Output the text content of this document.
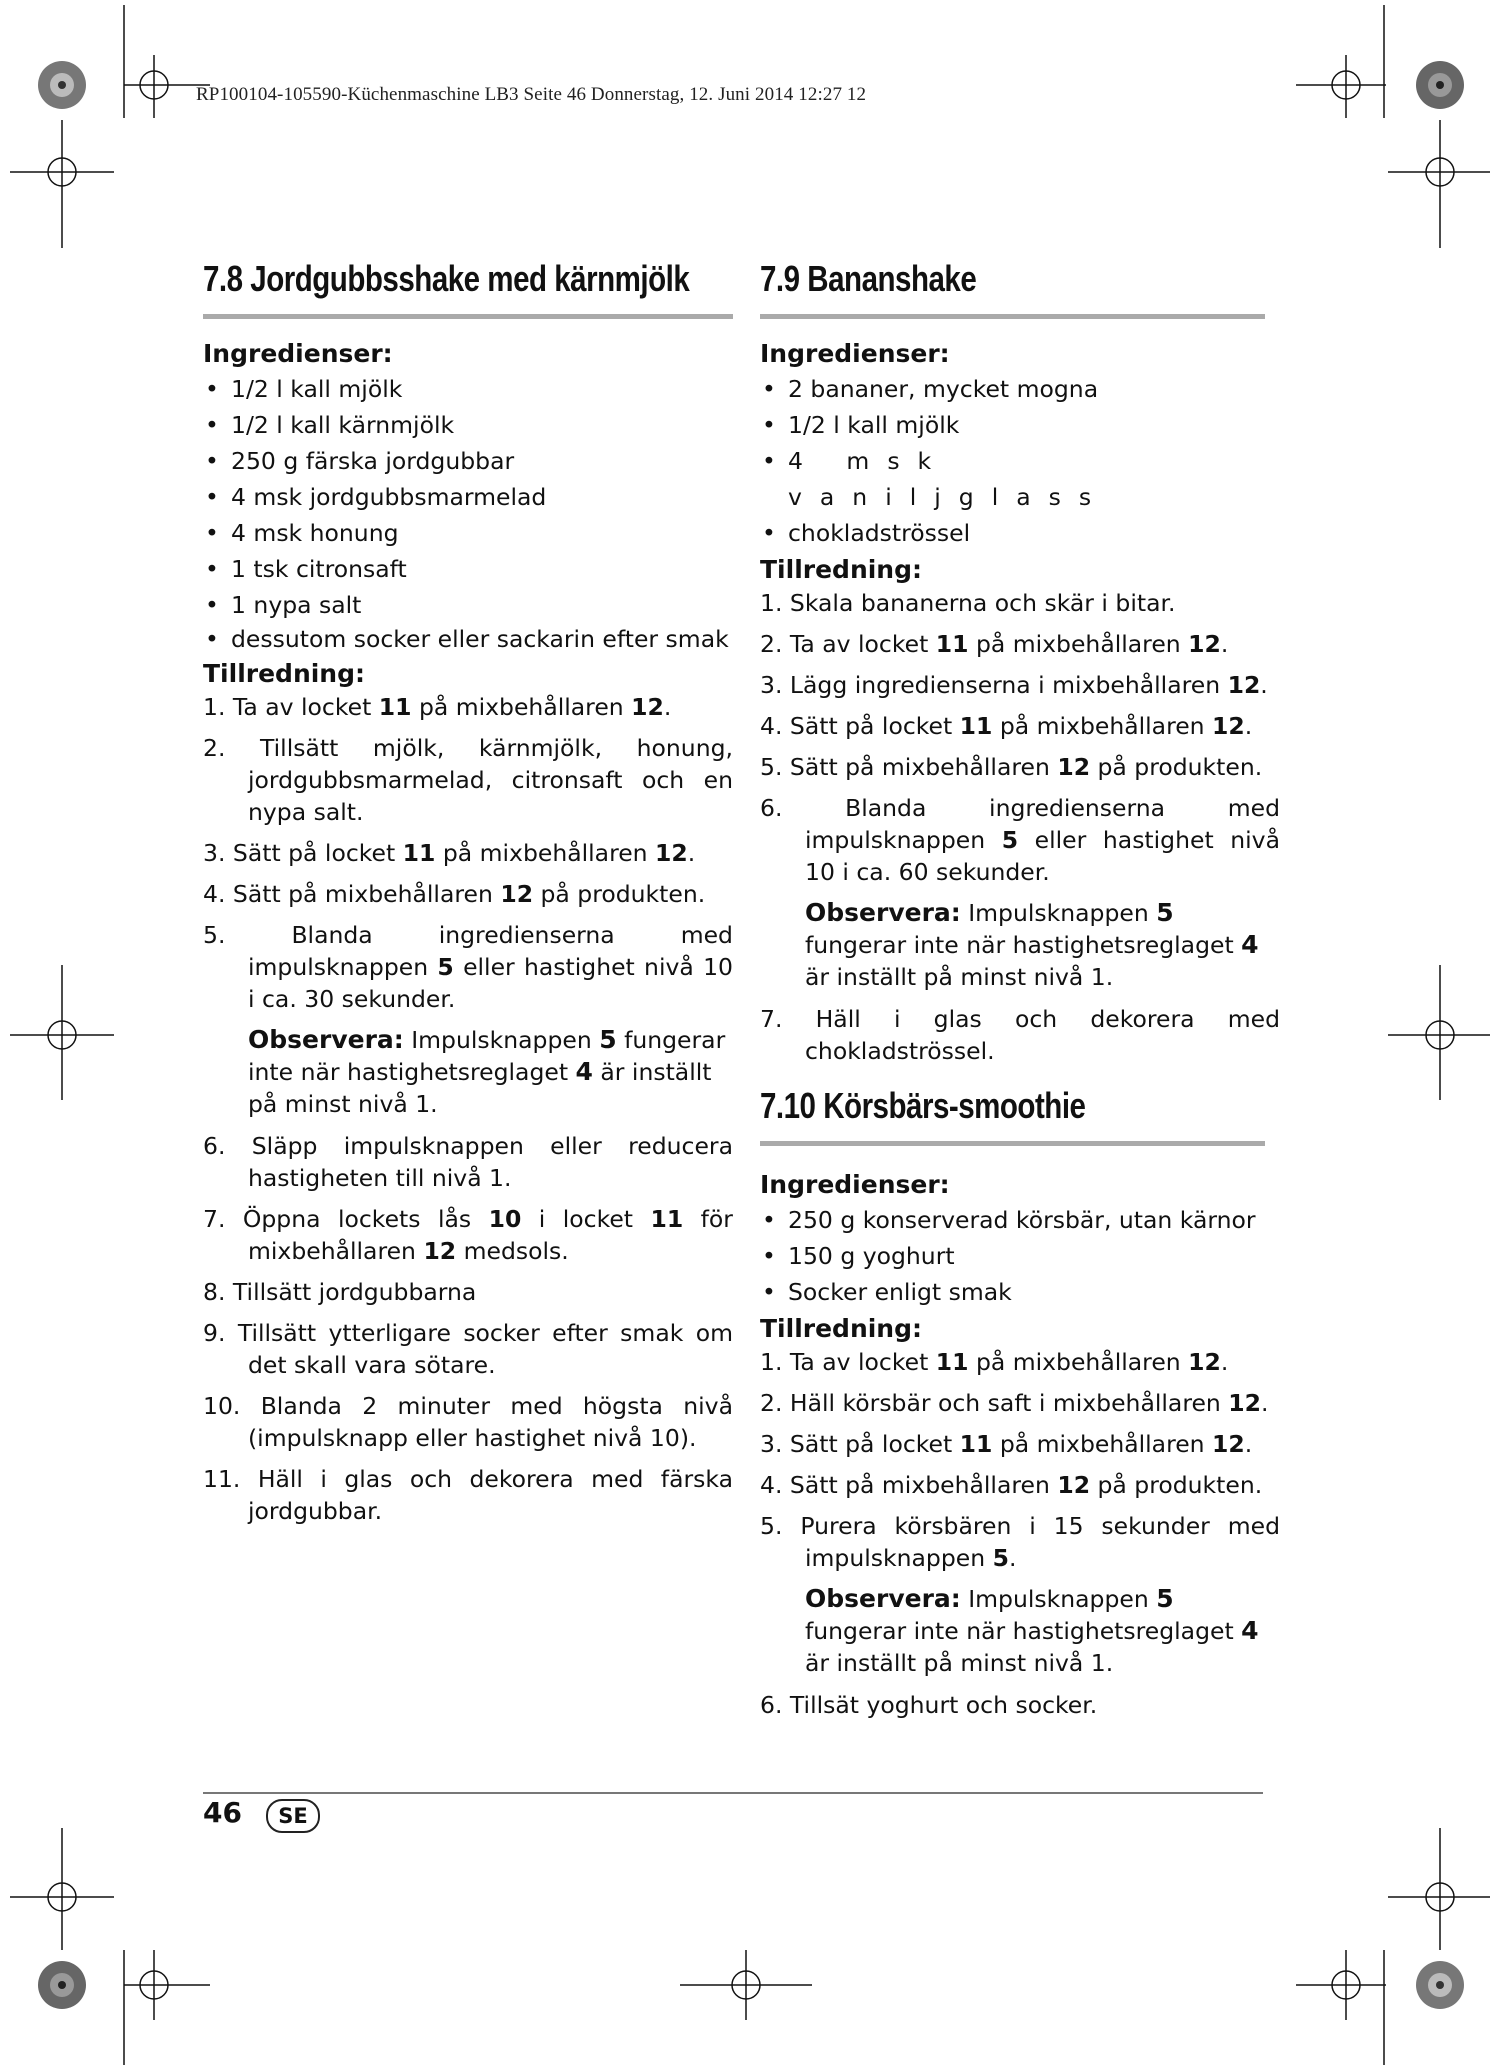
RP100104-105590-Küchenmaschine LB3 Seite 46 Donnerstag, 12. Juni 2014 12:27 12
7.8 Jordgubbsshake med kärnmjölk
Ingredienser:
• 1/2 l kall mjölk
• 1/2 l kall kärnmjölk
• 250 g färska jordgubbar
• 4 msk jordgubbsmarmelad
• 4 msk honung
• 1 tsk citronsaft
• 1 nypa salt
• dessutom socker eller sackarin efter smak
Tillredning:
1. Ta av locket 11 på mixbehållaren 12.
2. Tillsätt mjölk, kärnmjölk, honung, jordgubbsmarmelad, citronsaft och en nypa salt.
3. Sätt på locket 11 på mixbehållaren 12.
4. Sätt på mixbehållaren 12 på produkten.
5.	Blanda ingredienserna med impulsknappen 5 eller hastighet nivå 10 i ca. 30 sekunder.
Observera: Impulsknappen 5 fungerar inte när hastighetsreglaget 4 är inställt på minst nivå 1.
6. Släpp impulsknappen eller reducera hastigheten till nivå 1.
7. Öppna lockets lås 10 i locket 11 för mixbehållaren 12 medsols.
8. Tillsätt jordgubbarna
9. Tillsätt ytterligare socker efter smak om det skall vara sötare.
10. Blanda 2 minuter med högsta nivå (impulsknapp eller hastighet nivå 10).
11. Häll i glas och dekorera med färska jordgubbar.
7.9 Bananshake
Ingredienser:
• 2 bananer, mycket mogna
• 1/2 l kall mjölk
• 4 msk vaniljglass
• chokladströssel
Tillredning:
1. Skala bananerna och skär i bitar.
2. Ta av locket 11 på mixbehållaren 12.
3. Lägg ingredienserna i mixbehållaren 12.
4. Sätt på locket 11 på mixbehållaren 12.
5. Sätt på mixbehållaren 12 på produkten.
6.	Blanda ingredienserna med impulsknappen 5 eller hastighet nivå 10 i ca. 60 sekunder.
Observera: Impulsknappen 5 fungerar inte när hastighetsreglaget 4 är inställt på minst nivå 1.
7. Häll i glas och dekorera med chokladströssel.
7.10 Körsbärs-smoothie
Ingredienser:
• 250 g konserverad körsbär, utan kärnor
• 150 g yoghurt
• Socker enligt smak
Tillredning:
1. Ta av locket 11 på mixbehållaren 12.
2. Häll körsbär och saft i mixbehållaren 12.
3. Sätt på locket 11 på mixbehållaren 12.
4. Sätt på mixbehållaren 12 på produkten.
5. Purera körsbären i 15 sekunder med impulsknappen 5.
Observera: Impulsknappen 5 fungerar inte när hastighetsreglaget 4 är inställt på minst nivå 1.
6. Tillsät yoghurt och socker.
46	SE
